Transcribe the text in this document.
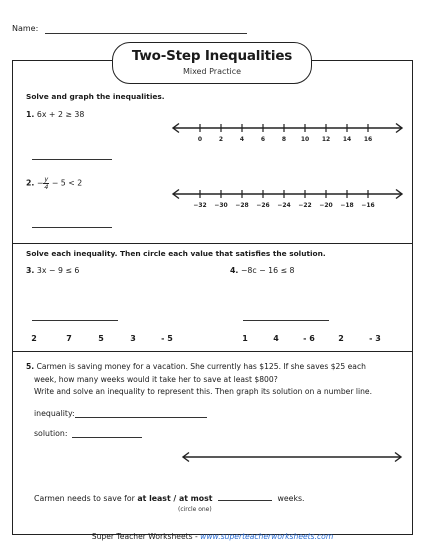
Name:
Two-Step Inequalities
Mixed Practice
Solve and graph the inequalities.
1. 6x + 2 ≥ 38
0	2	4	6	8 10 12 14 16
2. − $\frac{y}{4} - 5 < 2$
−32 −30 −28 −26 −24 −22 −20 −18 −16
Solve each inequality. Then circle each value that satisfies the solution.
3. 3x − 9 ≤ 6	4. −8c − 16 ≤ 8
2	7	5	3	- 5	1	4	- 6	2	- 3
5. Carmen is saving money for a vacation. She currently has $125. If she saves $25 each
week, how many weeks would it take her to save at least $800?
Write and solve an inequality to represent this. Then graph its solution on a number line.
inequality:
solution:
Carmen needs to save for at least / at most	weeks.
(circle one)
Super Teacher Worksheets - www.superteacherworksheets.com
